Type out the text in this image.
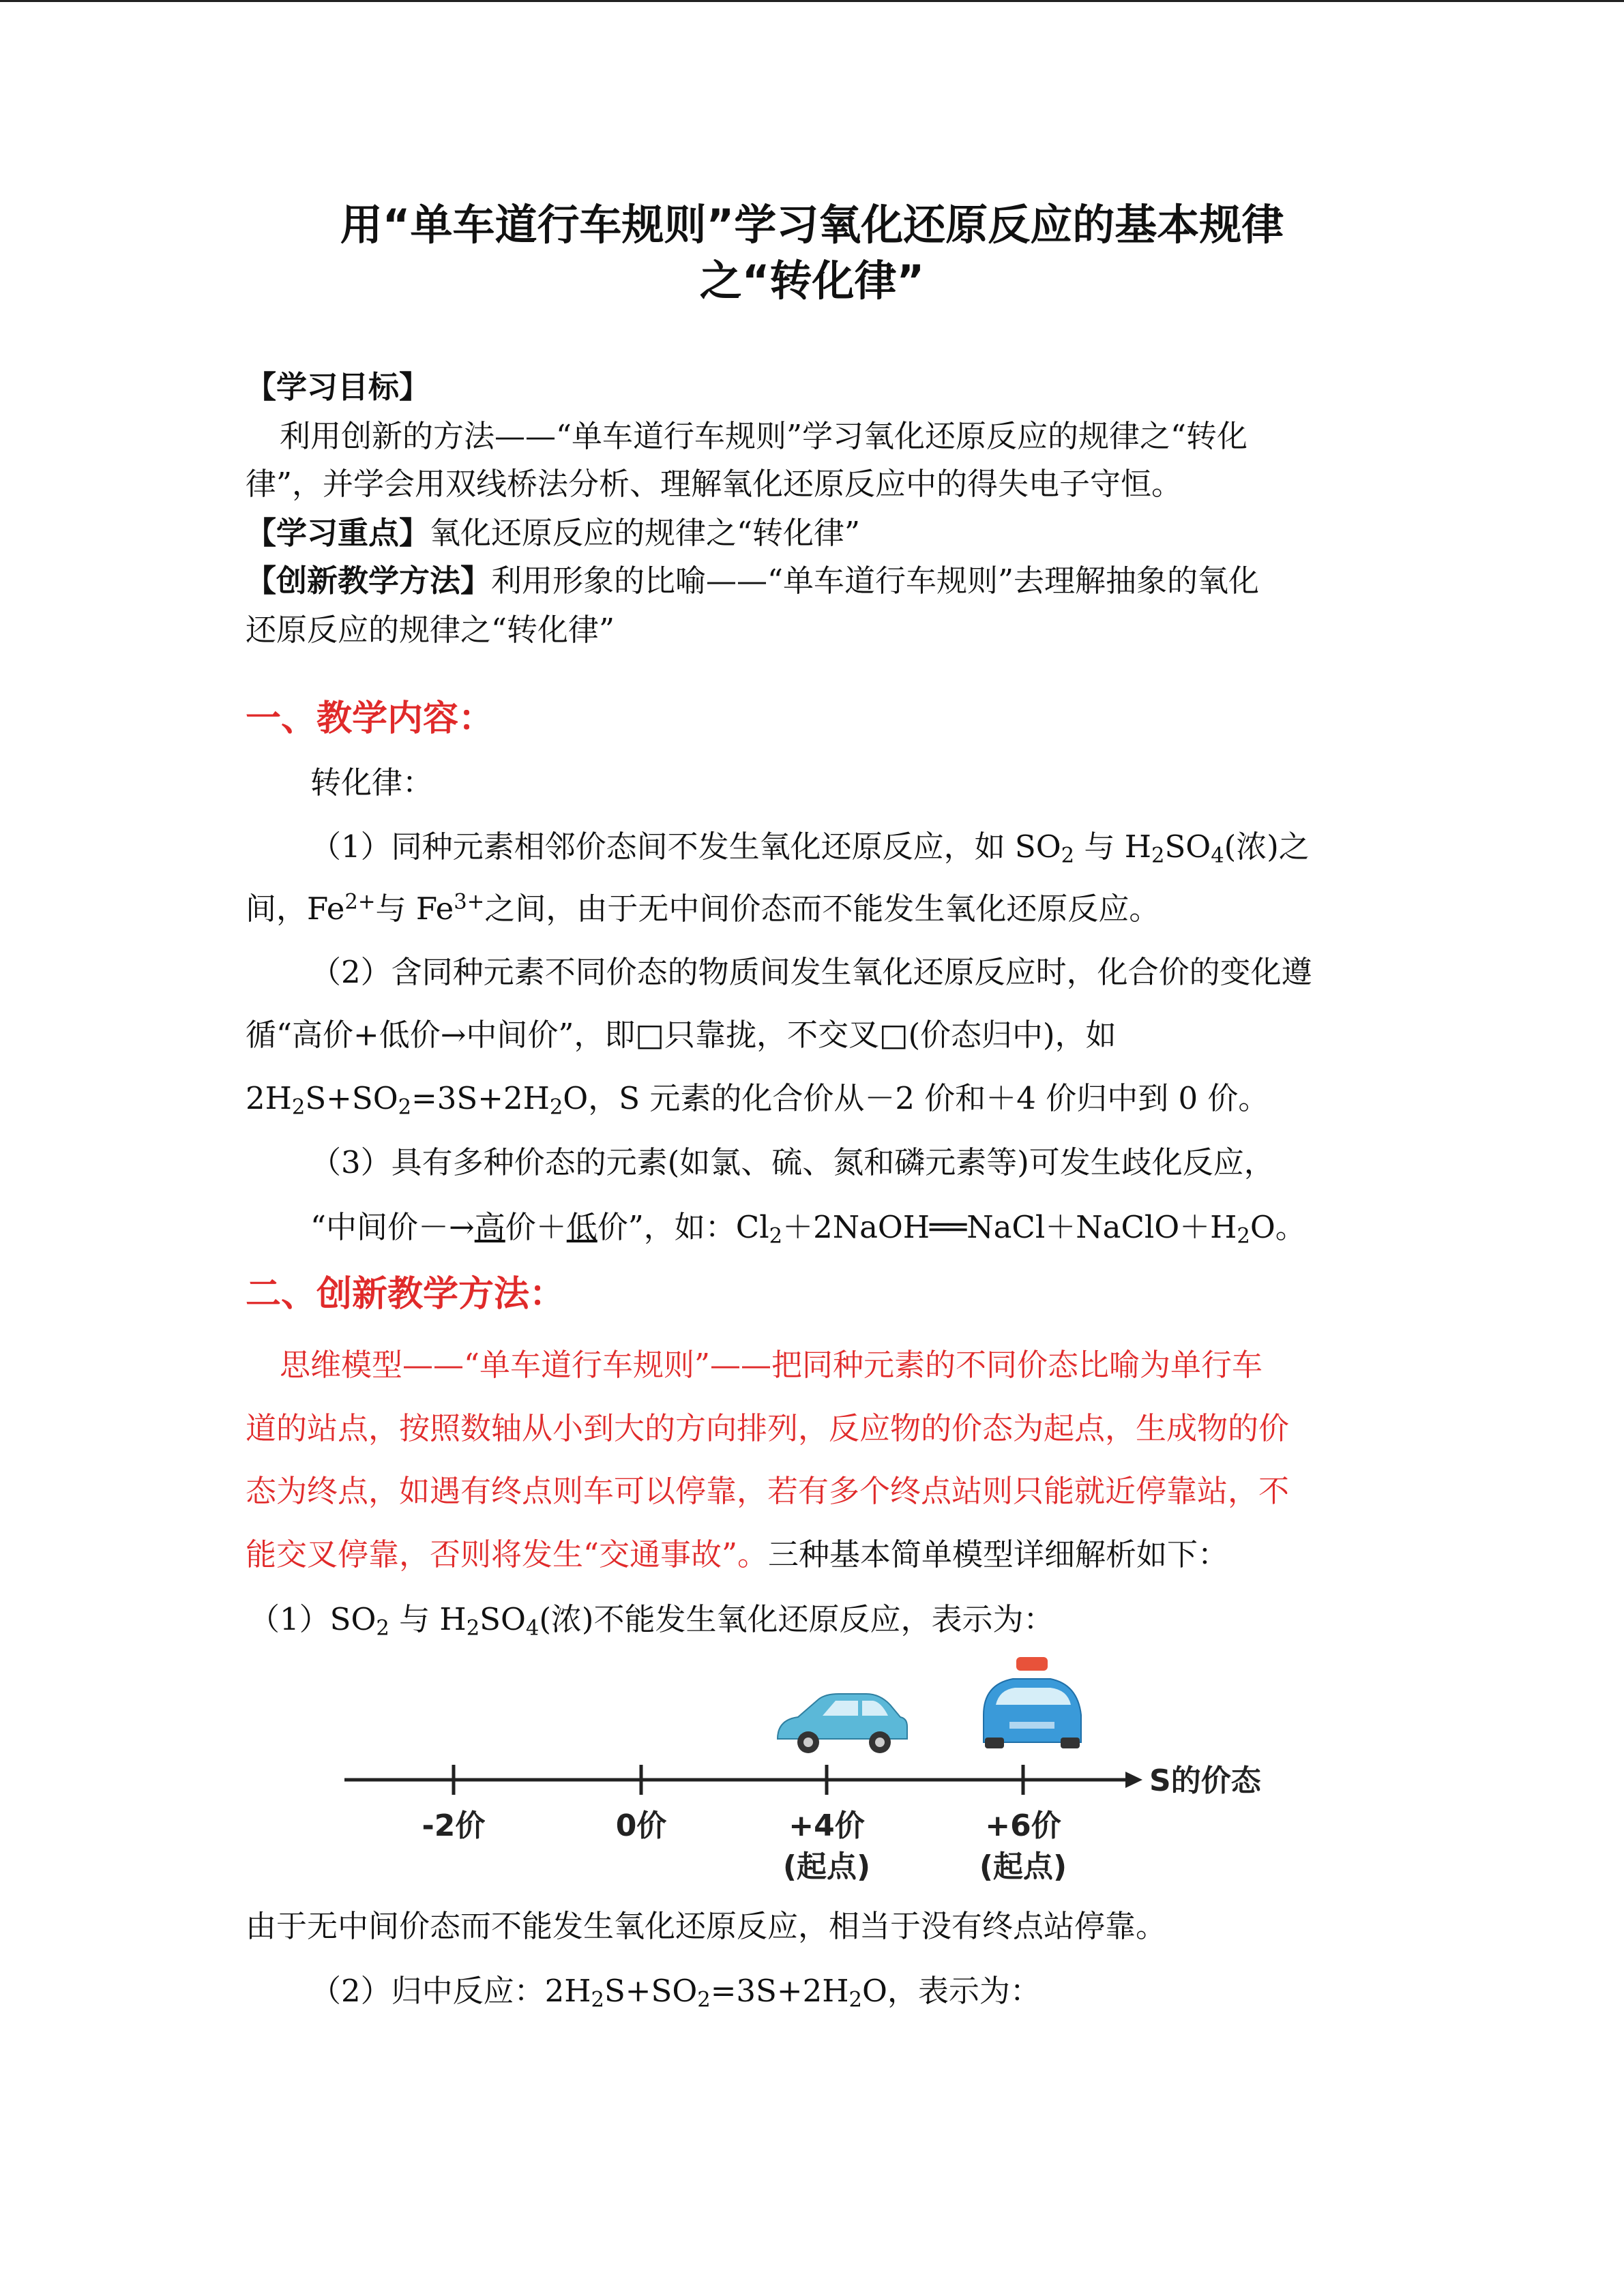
用“单车道行车规则”学习氧化还原反应的基本规律
之“转化律”
【学习目标】
利用创新的方法——“单车道行车规则”学习氧化还原反应的规律之“转化
律”，并学会用双线桥法分析、理解氧化还原反应中的得失电子守恒。
【学习重点】氧化还原反应的规律之“转化律”
【创新教学方法】利用形象的比喻——“单车道行车规则”去理解抽象的氧化
还原反应的规律之“转化律”
一、教学内容：
转化律：
（1）同种元素相邻价态间不发生氧化还原反应，如 $SO_2$ 与 $H_2SO_4$(浓)之
间，$Fe^{2+}$与 $Fe^{3+}$之间，由于无中间价态而不能发生氧化还原反应。
（2）含同种元素不同价态的物质间发生氧化还原反应时，化合价的变化遵
循“高价+低价→中间价”，即□只靠拢，不交叉□(价态归中)，如
$2H_2S+SO_2=3S+2H_2O$，S 元素的化合价从－2 价和＋4 价归中到 0 价。
（3）具有多种价态的元素(如氯、硫、氮和磷元素等)可发生歧化反应，
“中间价－→高价＋低价”，如：$Cl_2+2NaOH══NaCl+NaClO+H_2O$。
二、创新教学方法：
思维模型——“单车道行车规则”——把同种元素的不同价态比喻为单行车
道的站点，按照数轴从小到大的方向排列，反应物的价态为起点，生成物的价
态为终点，如遇有终点则车可以停靠，若有多个终点站则只能就近停靠站，不
能交叉停靠，否则将发生“交通事故”。三种基本简单模型详细解析如下：
$(1)SO_2$ 与 $H_2SO_4$(浓)不能发生氧化还原反应，表示为：
S的价态
-2价	0价	+4价
(起点)
+6价
(起点)
由于无中间价态而不能发生氧化还原反应，相当于没有终点站停靠。
（2）归中反应：$2H_2S+SO_2=3S+2H_2O$，表示为：
